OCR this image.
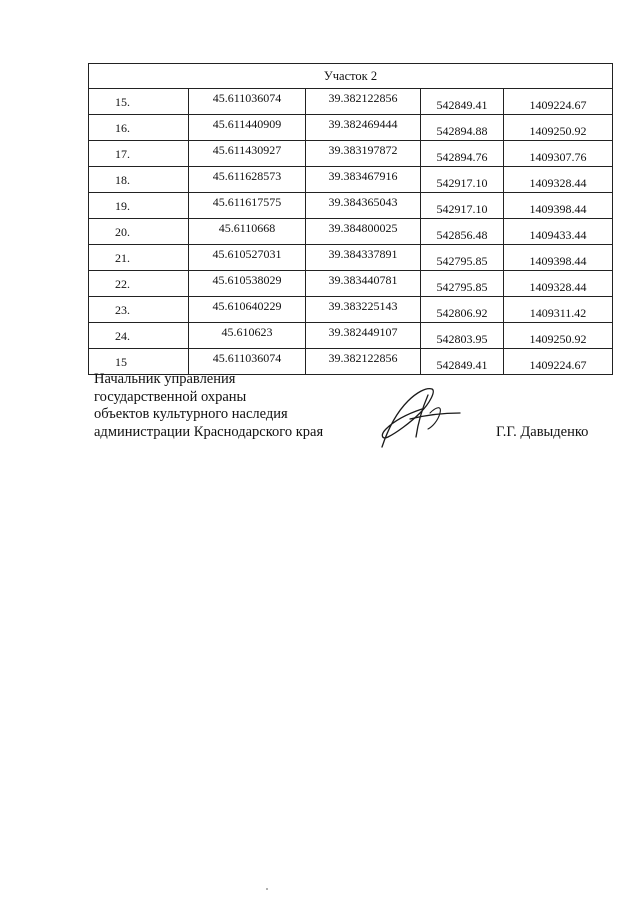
Участок 2				
15.	45.611036074	39.382122856	542849.41	1409224.67
16.	45.611440909	39.382469444	542894.88	1409250.92
17.	45.611430927	39.383197872	542894.76	1409307.76
18.	45.611628573	39.383467916	542917.10	1409328.44
19.	45.611617575	39.384365043	542917.10	1409398.44
20.	45.6110668	39.384800025	542856.48	1409433.44
21.	45.610527031	39.384337891	542795.85	1409398.44
22.	45.610538029	39.383440781	542795.85	1409328.44
23.	45.610640229	39.383225143	542806.92	1409311.42
24.	45.610623	39.382449107	542803.95	1409250.92
15	45.611036074	39.382122856	542849.41	1409224.67
Начальник управления
государственной охраны
объектов культурного наследия
администрации Краснодарского края	Г.Г. Давыденко
